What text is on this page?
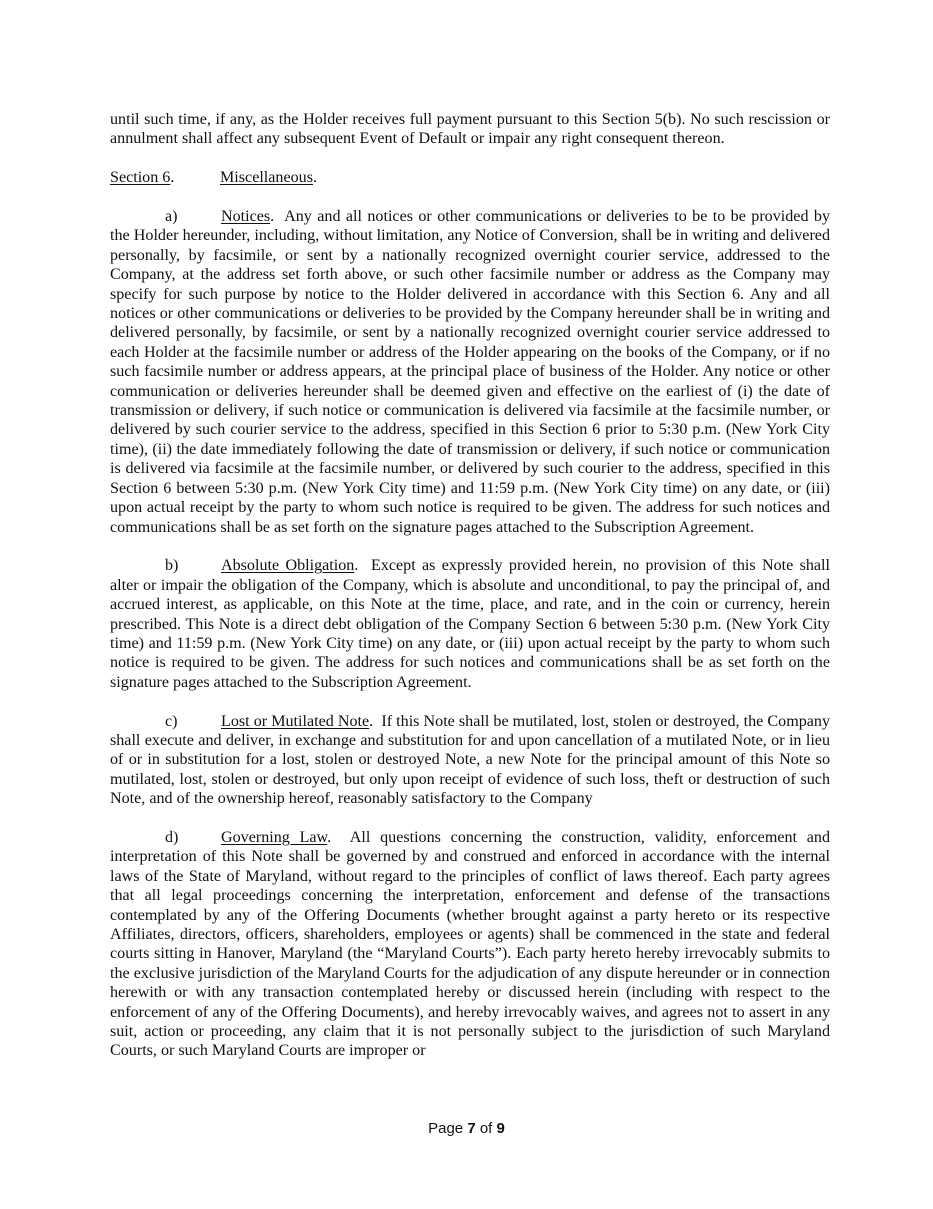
until such time, if any, as the Holder receives full payment pursuant to this Section 5(b). No such rescission or annulment shall affect any subsequent Event of Default or impair any right consequent thereon.

Section 6.	Miscellaneous.

a)	Notices.  Any and all notices or other communications or deliveries to be to be provided by the Holder hereunder, including, without limitation, any Notice of Conversion, shall be in writing and delivered personally, by facsimile, or sent by a nationally recognized overnight courier service, addressed to the Company, at the address set forth above, or such other facsimile number or address as the Company may specify for such purpose by notice to the Holder delivered in accordance with this Section 6. Any and all notices or other communications or deliveries to be provided by the Company hereunder shall be in writing and delivered personally, by facsimile, or sent by a nationally recognized overnight courier service addressed to each Holder at the facsimile number or address of the Holder appearing on the books of the Company, or if no such facsimile number or address appears, at the principal place of business of the Holder. Any notice or other communication or deliveries hereunder shall be deemed given and effective on the earliest of (i) the date of transmission or delivery, if such notice or communication is delivered via facsimile at the facsimile number, or delivered by such courier service to the address, specified in this Section 6 prior to 5:30 p.m. (New York City time), (ii) the date immediately following the date of transmission or delivery, if such notice or communication is delivered via facsimile at the facsimile number, or delivered by such courier to the address, specified in this Section 6 between 5:30 p.m. (New York City time) and 11:59 p.m. (New York City time) on any date, or (iii) upon actual receipt by the party to whom such notice is required to be given. The address for such notices and communications shall be as set forth on the signature pages attached to the Subscription Agreement.

b)	Absolute Obligation.  Except as expressly provided herein, no provision of this Note shall alter or impair the obligation of the Company, which is absolute and unconditional, to pay the principal of, and accrued interest, as applicable, on this Note at the time, place, and rate, and in the coin or currency, herein prescribed. This Note is a direct debt obligation of the Company Section 6 between 5:30 p.m. (New York City time) and 11:59 p.m. (New York City time) on any date, or (iii) upon actual receipt by the party to whom such notice is required to be given. The address for such notices and communications shall be as set forth on the signature pages attached to the Subscription Agreement.

c)	Lost or Mutilated Note.  If this Note shall be mutilated, lost, stolen or destroyed, the Company shall execute and deliver, in exchange and substitution for and upon cancellation of a mutilated Note, or in lieu of or in substitution for a lost, stolen or destroyed Note, a new Note for the principal amount of this Note so mutilated, lost, stolen or destroyed, but only upon receipt of evidence of such loss, theft or destruction of such Note, and of the ownership hereof, reasonably satisfactory to the Company

d)	Governing Law.  All questions concerning the construction, validity, enforcement and interpretation of this Note shall be governed by and construed and enforced in accordance with the internal laws of the State of Maryland, without regard to the principles of conflict of laws thereof. Each party agrees that all legal proceedings concerning the interpretation, enforcement and defense of the transactions contemplated by any of the Offering Documents (whether brought against a party hereto or its respective Affiliates, directors, officers, shareholders, employees or agents) shall be commenced in the state and federal courts sitting in Hanover, Maryland (the “Maryland Courts”). Each party hereto hereby irrevocably submits to the exclusive jurisdiction of the Maryland Courts for the adjudication of any dispute hereunder or in connection herewith or with any transaction contemplated hereby or discussed herein (including with respect to the enforcement of any of the Offering Documents), and hereby irrevocably waives, and agrees not to assert in any suit, action or proceeding, any claim that it is not personally subject to the jurisdiction of such Maryland Courts, or such Maryland Courts are improper or

Page 7 of 9
